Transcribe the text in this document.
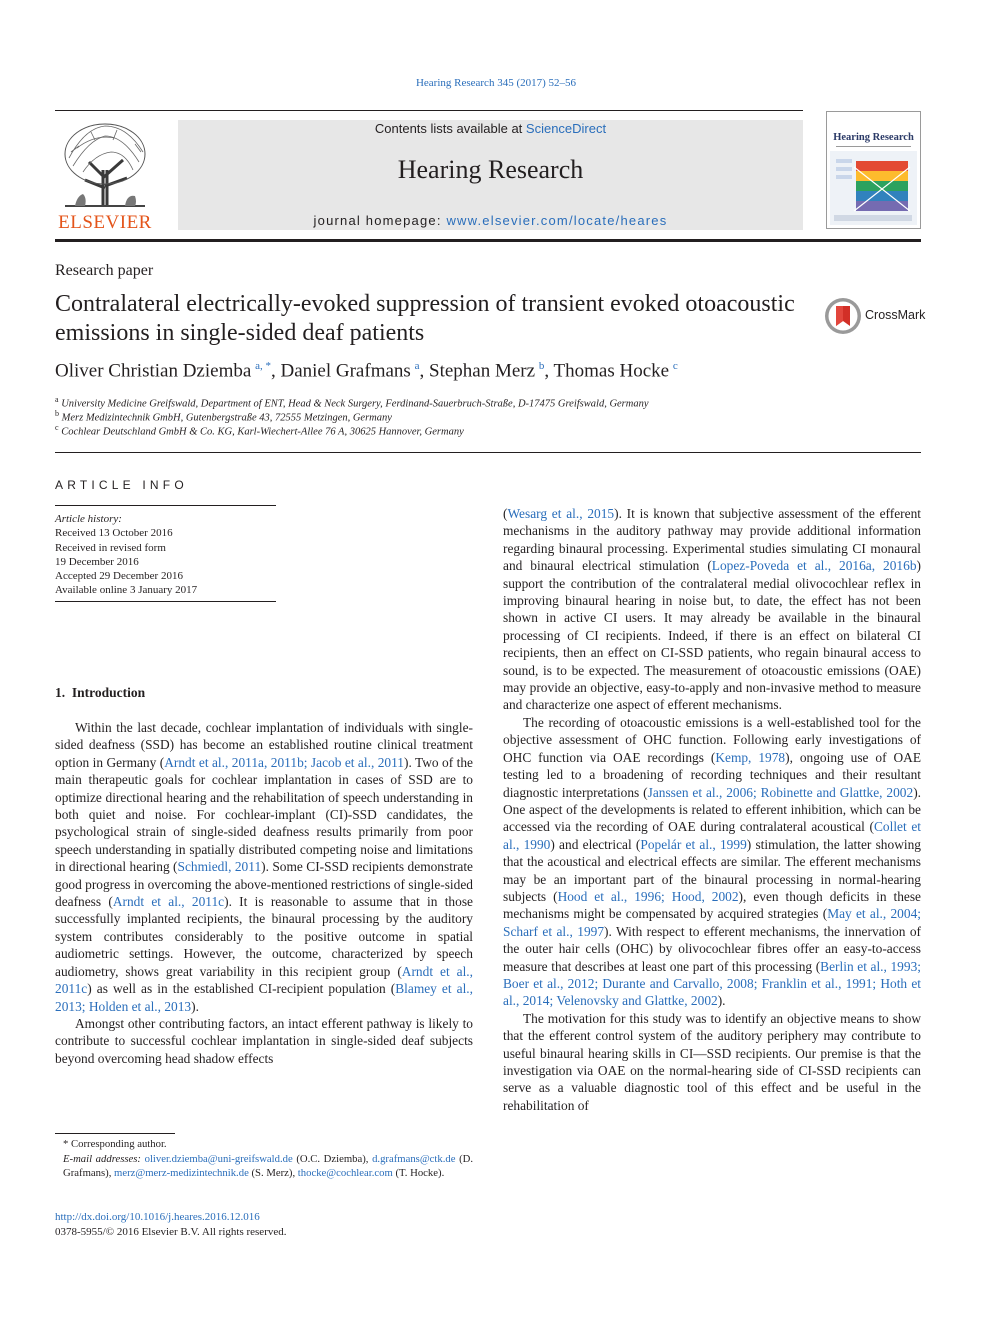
Hearing Research 345 (2017) 52–56
ELSEVIER
Contents lists available at ScienceDirect
Hearing Research
journal homepage: www.elsevier.com/locate/heares
Hearing Research
Research paper
Contralateral electrically-evoked suppression of transient evoked otoacoustic emissions in single-sided deaf patients
CrossMark
Oliver Christian Dziemba  $^{a, *}$, Daniel Grafmans  $^a$, Stephan Merz  $^b$, Thomas Hocke  $^c$
$^a$ University Medicine Greifswald, Department of ENT, Head & Neck Surgery, Ferdinand-Sauerbruch-Straße, D-17475 Greifswald, Germany
$^b$ Merz Medizintechnik GmbH, Gutenbergstraße 43, 72555 Metzingen, Germany
$^c$ Cochlear Deutschland GmbH & Co. KG, Karl-Wiechert-Allee 76 A, 30625 Hannover, Germany
ARTICLE INFO
Article history:
Received 13 October 2016
Received in revised form
19 December 2016
Accepted 29 December 2016
Available online 3 January 2017
1. Introduction

Within the last decade, cochlear implantation of individuals with single-sided deafness (SSD) has become an established routine clinical treatment option in Germany (Arndt et al., 2011a, 2011b; Jacob et al., 2011). Two of the main therapeutic goals for cochlear implantation in cases of SSD are to optimize directional hearing and the rehabilitation of speech understanding in both quiet and noise. For cochlear-implant (CI)-SSD candidates, the psychological strain of single-sided deafness results primarily from poor speech understanding in spatially distributed competing noise and limitations in directional hearing (Schmiedl, 2011). Some CI-SSD recipients demonstrate good progress in overcoming the above-mentioned restrictions of single-sided deafness (Arndt et al., 2011c). It is reasonable to assume that in those successfully implanted recipients, the binaural processing by the auditory system contributes considerably to the positive outcome in spatial audiometric settings. However, the outcome, characterized by speech audiometry, shows great variability in this recipient group (Arndt et al., 2011c) as well as in the established CI-recipient population (Blamey et al., 2013; Holden et al., 2013).

Amongst other contributing factors, an intact efferent pathway is likely to contribute to successful cochlear implantation in single-sided deaf subjects beyond overcoming head shadow effects

(Wesarg et al., 2015). It is known that subjective assessment of the efferent mechanisms in the auditory pathway may provide additional information regarding binaural processing. Experimental studies simulating CI monaural and binaural electrical stimulation (Lopez-Poveda et al., 2016a, 2016b) support the contribution of the contralateral medial olivocochlear reflex in improving binaural hearing in noise but, to date, the effect has not been shown in active CI users. It may already be available in the binaural processing of CI recipients. Indeed, if there is an effect on bilateral CI recipients, then an effect on CI-SSD patients, who regain binaural access to sound, is to be expected. The measurement of otoacoustic emissions (OAE) may provide an objective, easy-to-apply and non-invasive method to measure and characterize one aspect of efferent mechanisms.

The recording of otoacoustic emissions is a well-established tool for the objective assessment of OHC function. Following early investigations of OHC function via OAE recordings (Kemp, 1978), ongoing use of OAE testing led to a broadening of recording techniques and their resultant diagnostic interpretations (Janssen et al., 2006; Robinette and Glattke, 2002). One aspect of the developments is related to efferent inhibition, which can be accessed via the recording of OAE during contralateral acoustical (Collet et al., 1990) and electrical (Popelár et al., 1999) stimulation, the latter showing that the acoustical and electrical effects are similar. The efferent mechanisms may be an important part of the binaural processing in normal-hearing subjects (Hood et al., 1996; Hood, 2002), even though deficits in these mechanisms might be compensated by acquired strategies (May et al., 2004; Scharf et al., 1997). With respect to efferent mechanisms, the innervation of the outer hair cells (OHC) by olivocochlear fibres offer an easy-to-access measure that describes at least one part of this processing (Berlin et al., 1993; Boer et al., 2012; Durante and Carvallo, 2008; Franklin et al., 1991; Hoth et al., 2014; Velenovsky and Glattke, 2002).

The motivation for this study was to identify an objective means to show that the efferent control system of the auditory periphery may contribute to useful binaural hearing skills in CI—SSD recipients. Our premise is that the investigation via OAE on the normal-hearing side of CI-SSD recipients can serve as a valuable diagnostic tool of this effect and be useful in the rehabilitation of

* Corresponding author.
E-mail addresses: oliver.dziemba@uni-greifswald.de (O.C. Dziemba), d.grafmans@ctk.de (D. Grafmans), merz@merz-medizintechnik.de (S. Merz), thocke@cochlear.com (T. Hocke).
http://dx.doi.org/10.1016/j.heares.2016.12.016
0378-5955/© 2016 Elsevier B.V. All rights reserved.
